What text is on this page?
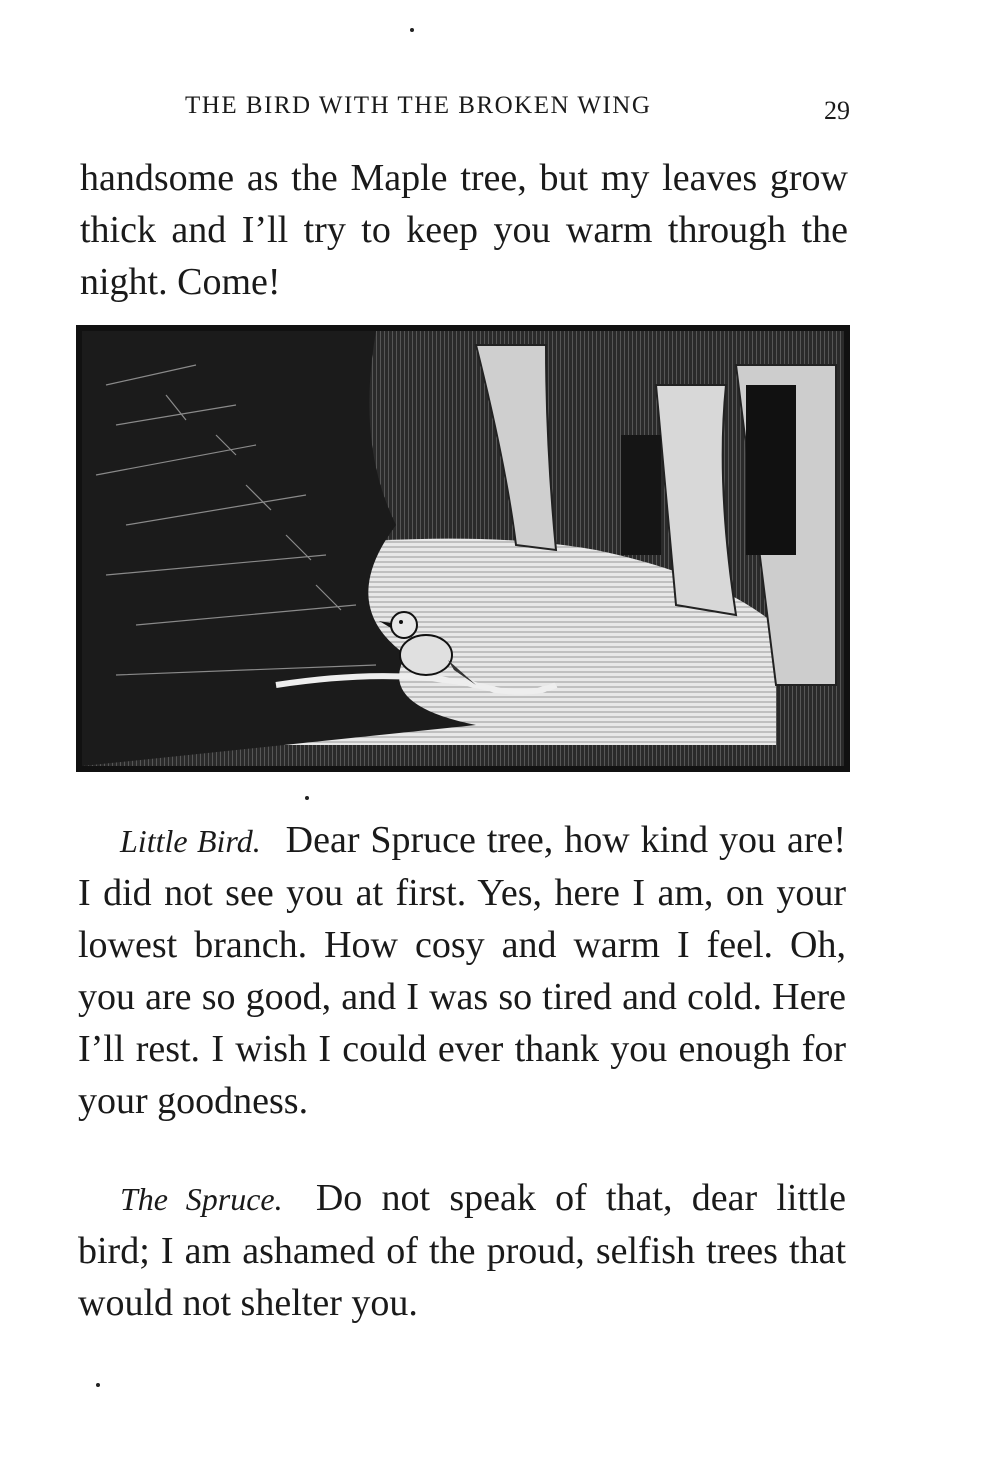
THE BIRD WITH THE BROKEN WING	29

handsome as the Maple tree, but my leaves grow thick and I’ll try to keep you warm through the night. Come!

Little Bird. Dear Spruce tree, how kind you are! I did not see you at first. Yes, here I am, on your lowest branch. How cosy and warm I feel. Oh, you are so good, and I was so tired and cold. Here I’ll rest. I wish I could ever thank you enough for your goodness.

The Spruce. Do not speak of that, dear little bird; I am ashamed of the proud, selfish trees that would not shelter you.
